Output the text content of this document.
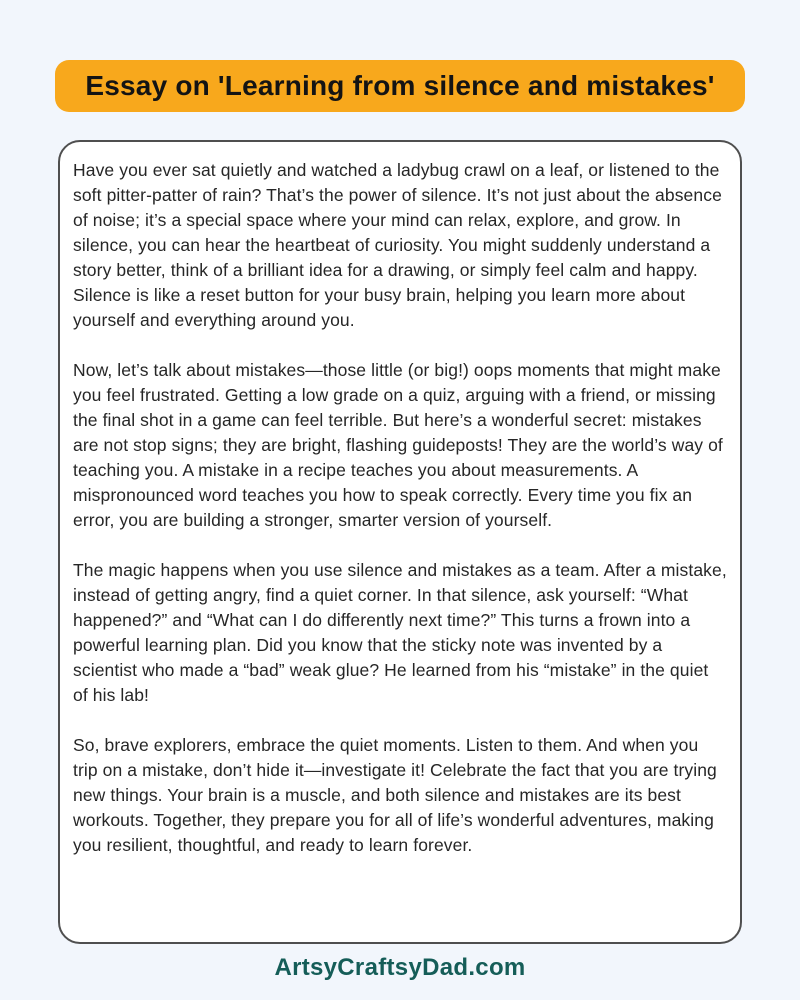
Essay on 'Learning from silence and mistakes'

Have you ever sat quietly and watched a ladybug crawl on a leaf, or listened to the soft pitter-patter of rain? That’s the power of silence. It’s not just about the absence of noise; it’s a special space where your mind can relax, explore, and grow. In silence, you can hear the heartbeat of curiosity. You might suddenly understand a story better, think of a brilliant idea for a drawing, or simply feel calm and happy. Silence is like a reset button for your busy brain, helping you learn more about yourself and everything around you.

Now, let’s talk about mistakes—those little (or big!) oops moments that might make you feel frustrated. Getting a low grade on a quiz, arguing with a friend, or missing the final shot in a game can feel terrible. But here’s a wonderful secret: mistakes are not stop signs; they are bright, flashing guideposts! They are the world’s way of teaching you. A mistake in a recipe teaches you about measurements. A mispronounced word teaches you how to speak correctly. Every time you fix an error, you are building a stronger, smarter version of yourself.

The magic happens when you use silence and mistakes as a team. After a mistake, instead of getting angry, find a quiet corner. In that silence, ask yourself: “What happened?” and “What can I do differently next time?” This turns a frown into a powerful learning plan. Did you know that the sticky note was invented by a scientist who made a “bad” weak glue? He learned from his “mistake” in the quiet of his lab!

So, brave explorers, embrace the quiet moments. Listen to them. And when you trip on a mistake, don’t hide it—investigate it! Celebrate the fact that you are trying new things. Your brain is a muscle, and both silence and mistakes are its best workouts. Together, they prepare you for all of life’s wonderful adventures, making you resilient, thoughtful, and ready to learn forever.

ArtsyCraftsyDad.com
